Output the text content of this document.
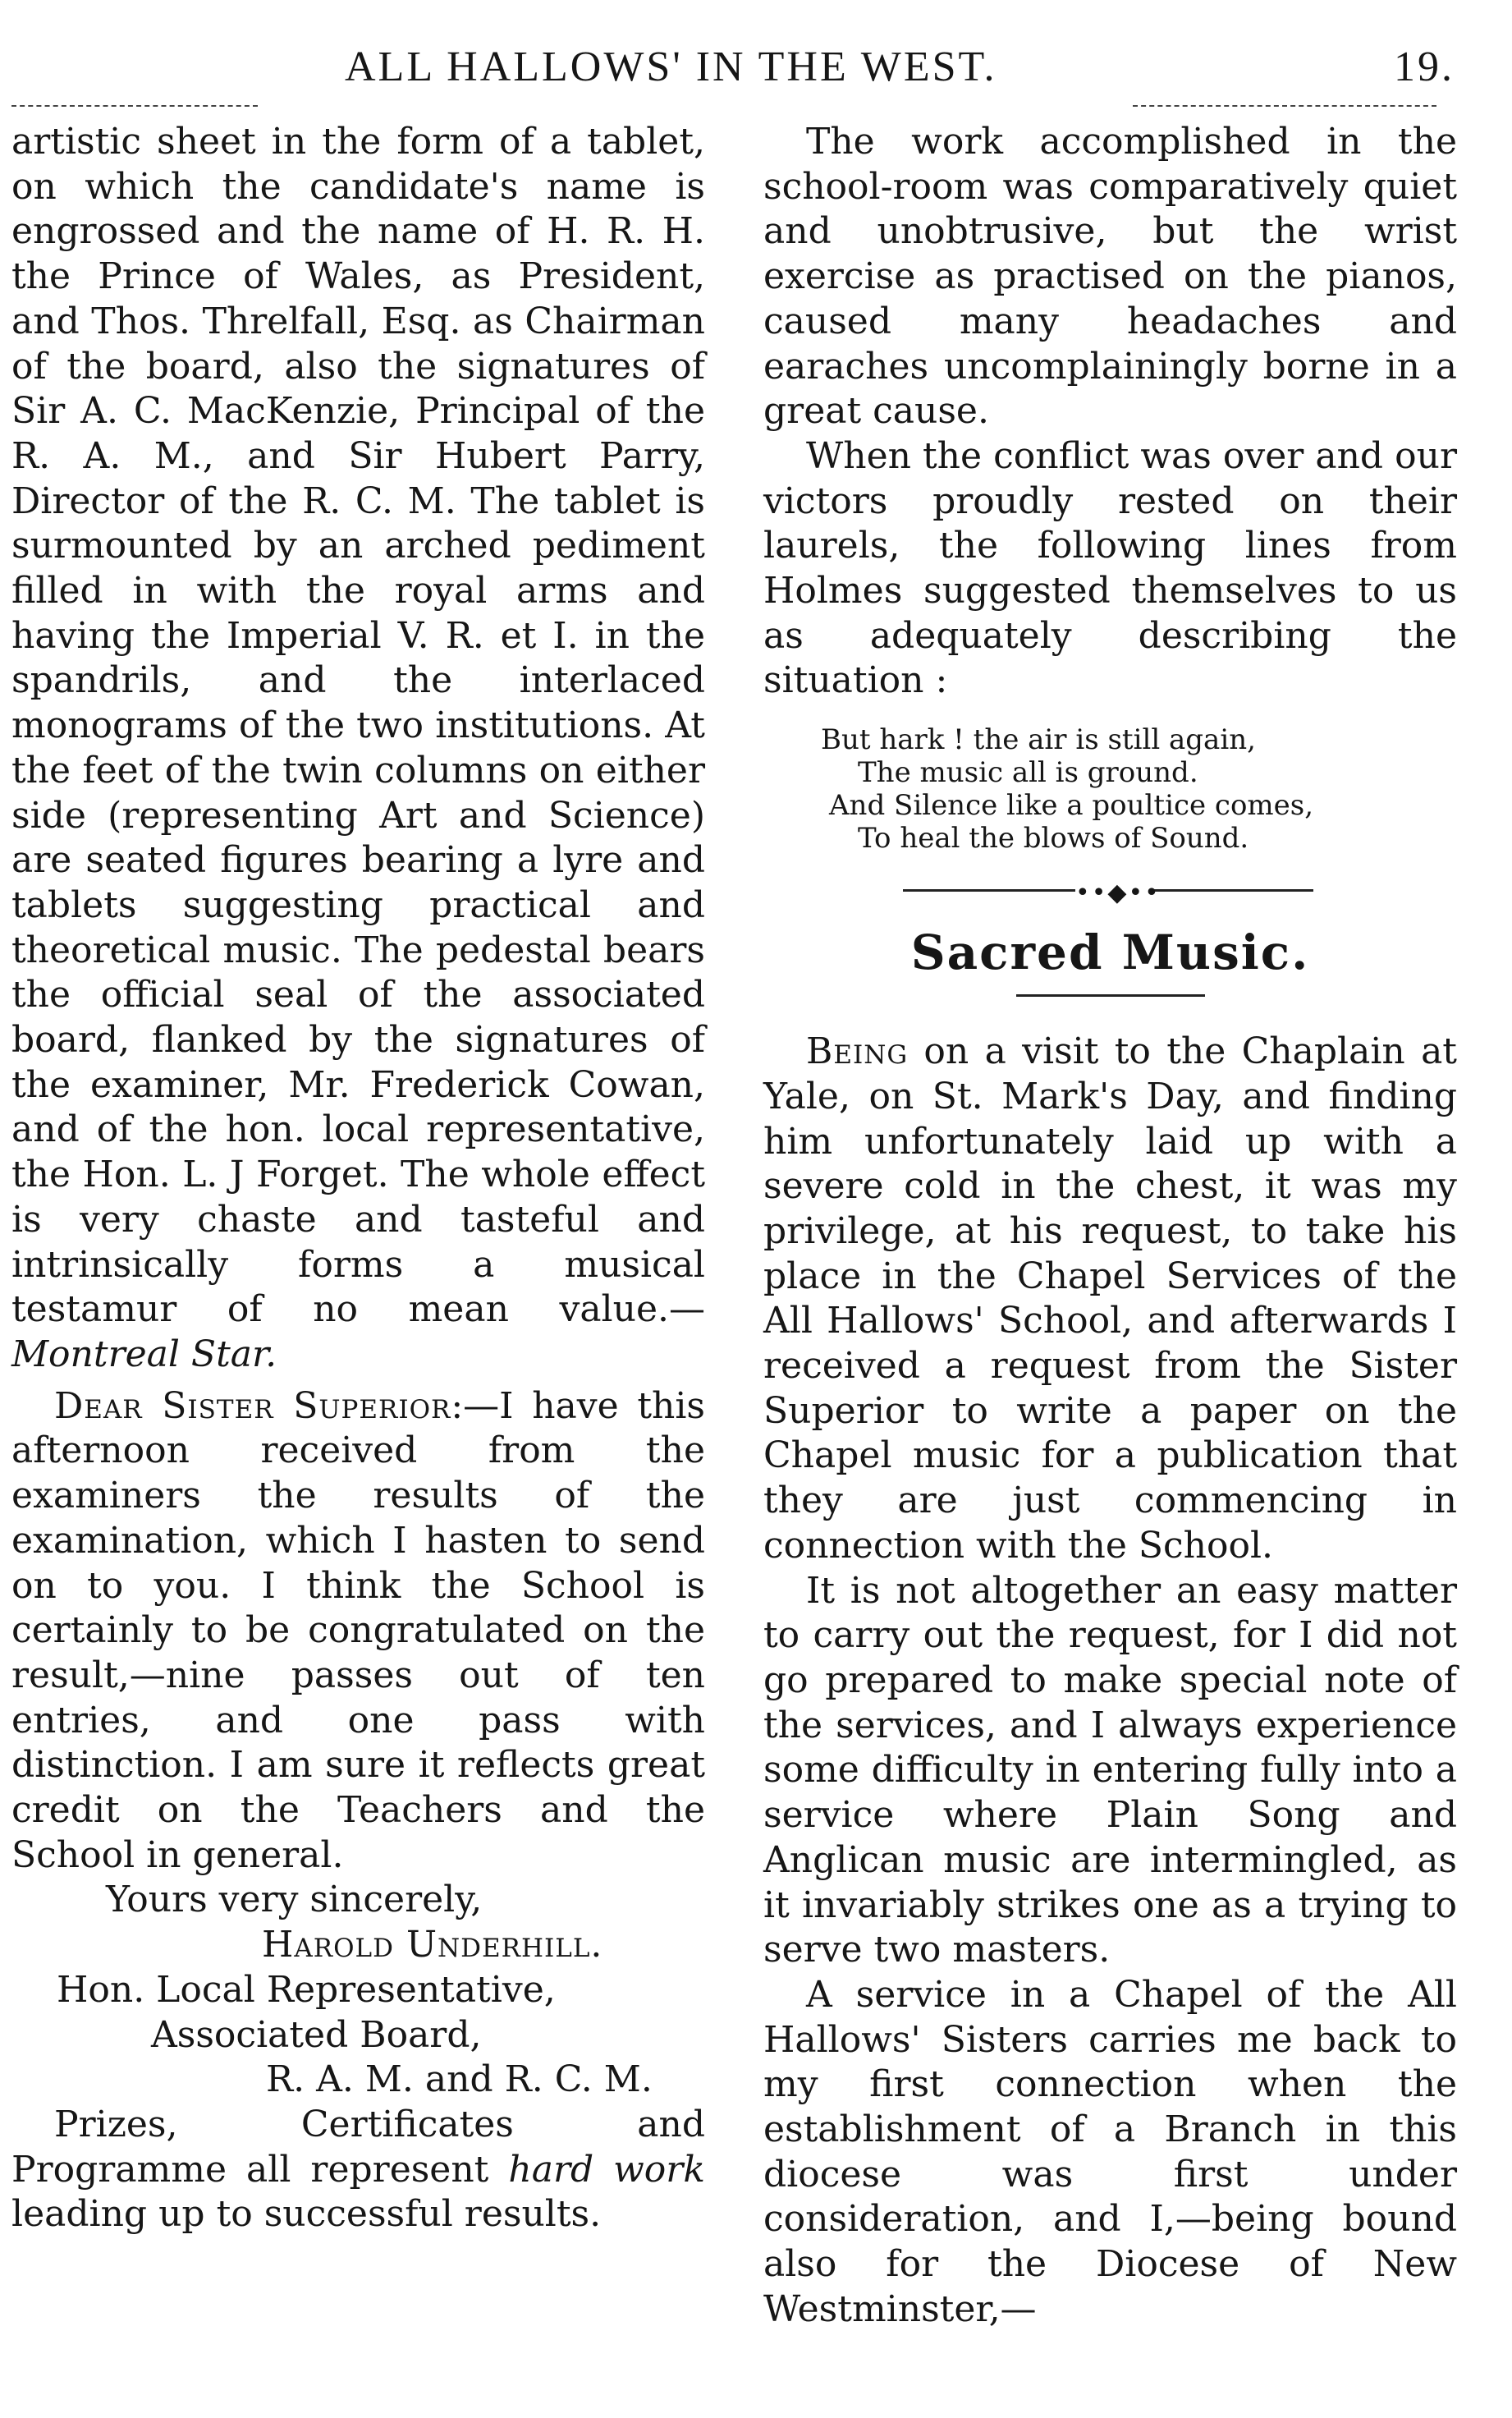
ALL HALLOWS' IN THE WEST.	19.

artistic sheet in the form of a tablet, on which the candidate's name is engrossed and the name of H. R. H. the Prince of Wales, as President, and Thos. Threlfall, Esq. as Chairman of the board, also the signatures of Sir A. C. MacKenzie, Principal of the R. A. M., and Sir Hubert Parry, Director of the R. C. M. The tablet is surmounted by an arched pediment filled in with the royal arms and having the Imperial V. R. et I. in the spandrils, and the interlaced monograms of the two institutions. At the feet of the twin columns on either side (representing Art and Science) are seated figures bearing a lyre and tablets suggesting practical and theoretical music. The pedestal bears the official seal of the associated board, flanked by the signatures of the examiner, Mr. Frederick Cowan, and of the hon. local representative, the Hon. L. J Forget. The whole effect is very chaste and tasteful and intrinsically forms a musical testamur of no mean value.—Montreal Star.

Dear Sister Superior:—I have this afternoon received from the examiners the results of the examination, which I hasten to send on to you. I think the School is certainly to be congratulated on the result,—nine passes out of ten entries, and one pass with distinction. I am sure it reflects great credit on the Teachers and the School in general.

Yours very sincerely,
Harold Underhill.
Hon. Local Representative,
Associated Board,
R. A. M. and R. C. M.

Prizes, Certificates and Programme all represent hard work leading up to successful results.

The work accomplished in the school-room was comparatively quiet and unobtrusive, but the wrist exercise as practised on the pianos, caused many headaches and earaches uncomplainingly borne in a great cause.

When the conflict was over and our victors proudly rested on their laurels, the following lines from Holmes suggested themselves to us as adequately describing the situation :

But hark ! the air is still again,
The music all is ground.
And Silence like a poultice comes,
To heal the blows of Sound.
••◆••
Sacred Music.

Being on a visit to the Chaplain at Yale, on St. Mark's Day, and finding him unfortunately laid up with a severe cold in the chest, it was my privilege, at his request, to take his place in the Chapel Services of the All Hallows' School, and afterwards I received a request from the Sister Superior to write a paper on the Chapel music for a publication that they are just commencing in connection with the School.

It is not altogether an easy matter to carry out the request, for I did not go prepared to make special note of the services, and I always experience some difficulty in entering fully into a service where Plain Song and Anglican music are intermingled, as it invariably strikes one as a trying to serve two masters.

A service in a Chapel of the All Hallows' Sisters carries me back to my first connection when the establishment of a Branch in this diocese was first under consideration, and I,—being bound also for the Diocese of New Westminster,—
